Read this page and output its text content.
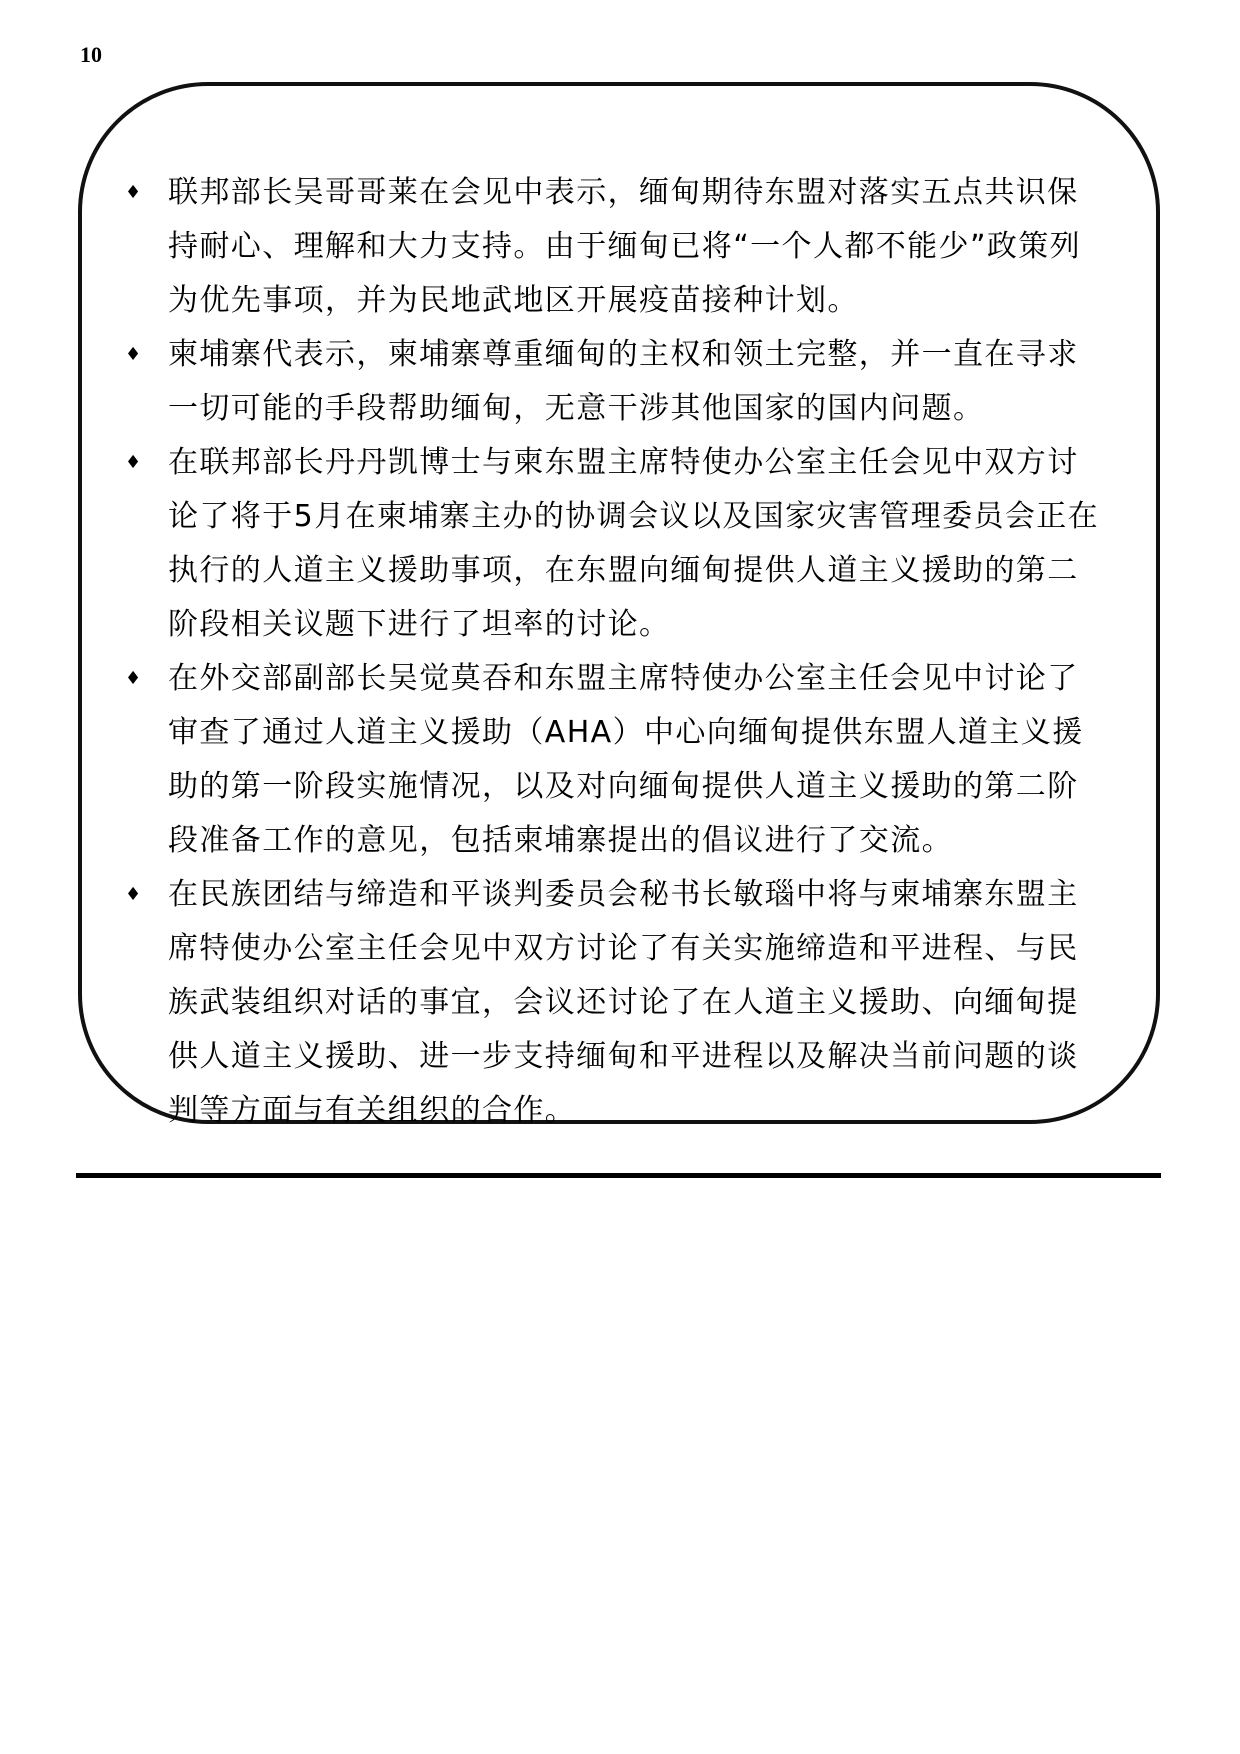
10
♦ 联邦部长吴哥哥莱在会见中表示，缅甸期待东盟对落实五点共识保持耐心、理解和大力支持。由于缅甸已将“一个人都不能少”政策列为优先事项，并为民地武地区开展疫苗接种计划。
♦ 柬埔寨代表示，柬埔寨尊重缅甸的主权和领土完整，并一直在寻求一切可能的手段帮助缅甸，无意干涉其他国家的国内问题。
♦ 在联邦部长丹丹凯博士与柬东盟主席特使办公室主任会见中双方讨论了将于5月在柬埔寨主办的协调会议以及国家灾害管理委员会正在执行的人道主义援助事项，在东盟向缅甸提供人道主义援助的第二阶段相关议题下进行了坦率的讨论。
♦ 在外交部副部长吴觉莫吞和东盟主席特使办公室主任会见中讨论了审查了通过人道主义援助（AHA）中心向缅甸提供东盟人道主义援助的第一阶段实施情况，以及对向缅甸提供人道主义援助的第二阶段准备工作的意见，包括柬埔寨提出的倡议进行了交流。
♦ 在民族团结与缔造和平谈判委员会秘书长敏瑙中将与柬埔寨东盟主席特使办公室主任会见中双方讨论了有关实施缔造和平进程、与民族武装组织对话的事宜，会议还讨论了在人道主义援助、向缅甸提供人道主义援助、进一步支持缅甸和平进程以及解决当前问题的谈判等方面与有关组织的合作。
